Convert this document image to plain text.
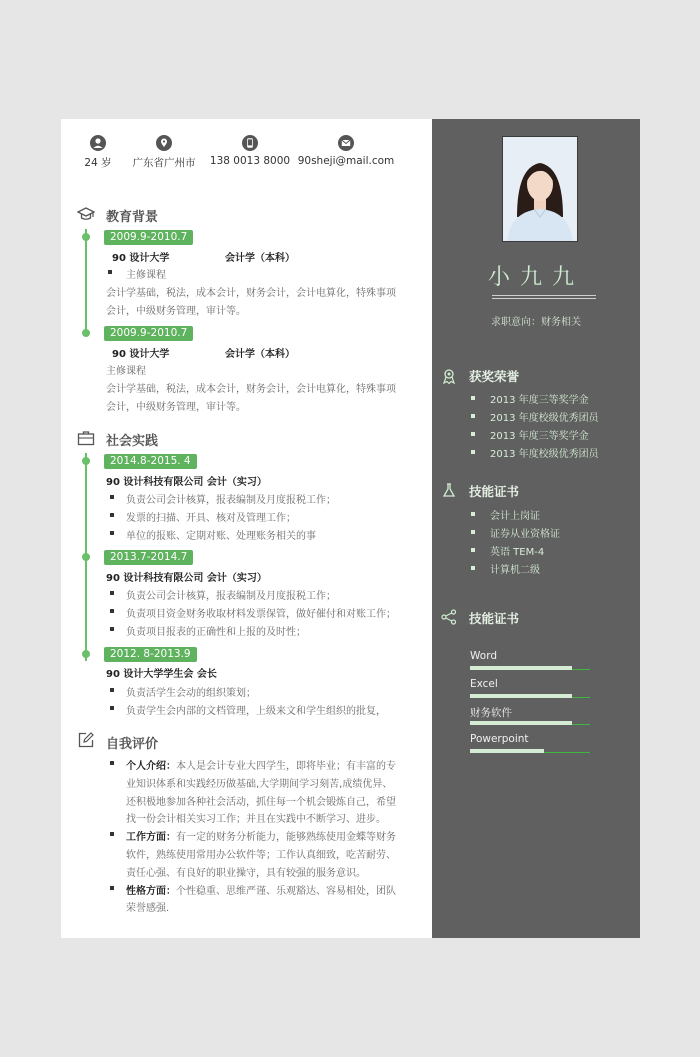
24 岁	广东省广州市	138 0013 8000 90sheji@mail.com
教育背景
2009.9-2010.7
90 设计大学	会计学（本科）
主修课程
会计学基础，税法，成本会计，财务会计，会计电算化，特殊事项
会计，中级财务管理，审计等。
2009.9-2010.7
90 设计大学	会计学（本科）
主修课程
会计学基础，税法，成本会计，财务会计，会计电算化，特殊事项
会计，中级财务管理，审计等。
社会实践
2014.8-2015. 4
90 设计科技有限公司 会计（实习）
负责公司会计核算，报表编制及月度报税工作；
发票的扫描、开具、核对及管理工作；
单位的报账、定期对账、处理账务相关的事
2013.7-2014.7
90 设计科技有限公司 会计（实习）
负责公司会计核算，报表编制及月度报税工作；
负责项目资金财务收取材料发票保管，做好催付和对账工作；
负责项目报表的正确性和上报的及时性；
2012. 8-2013.9
90 设计大学学生会 会长
负责活学生会动的组织策划；
负责学生会内部的文档管理，上级来文和学生组织的批复，
自我评价
个人介绍：本人是会计专业大四学生，即将毕业；有丰富的专
业知识体系和实践经历做基础,大学期间学习刻苦,成绩优异、
还积极地参加各种社会活动，抓住每一个机会锻炼自己，希望
找一份会计相关实习工作；并且在实践中不断学习、进步。
工作方面：有一定的财务分析能力，能够熟练使用金蝶等财务
软件，熟练使用常用办公软件等；工作认真细致，吃苦耐劳、
责任心强、有良好的职业操守，具有较强的服务意识。
性格方面：个性稳重、思维严谨、乐观豁达、容易相处，团队
荣誉感强.
小九九
求职意向：财务相关
获奖荣誉
2013 年度三等奖学金
2013 年度校级优秀团员
2013 年度三等奖学金
2013 年度校级优秀团员
技能证书
会计上岗证
证券从业资格证
英语 TEM-4
计算机二级
技能证书
Word
Excel
财务软件
Powerpoint
